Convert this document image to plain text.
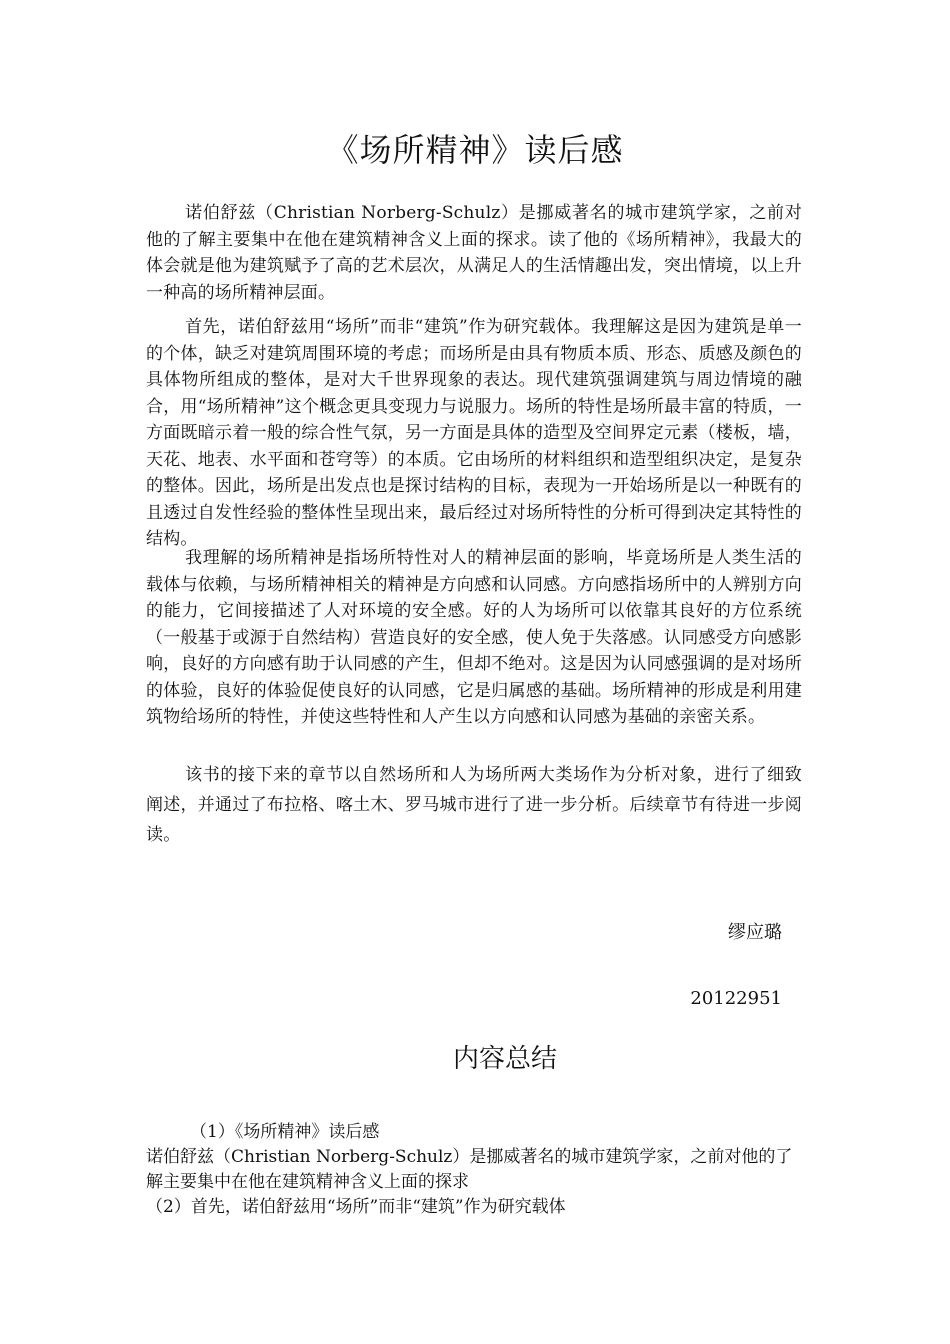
《场所精神》读后感

诺伯舒兹（Christian Norberg-Schulz）是挪威著名的城市建筑学家，之前对他的了解主要集中在他在建筑精神含义上面的探求。读了他的《场所精神》，我最大的体会就是他为建筑赋予了高的艺术层次，从满足人的生活情趣出发，突出情境，以上升一种高的场所精神层面。

首先，诺伯舒兹用“场所”而非“建筑”作为研究载体。我理解这是因为建筑是单一的个体，缺乏对建筑周围环境的考虑；而场所是由具有物质本质、形态、质感及颜色的具体物所组成的整体，是对大千世界现象的表达。现代建筑强调建筑与周边情境的融合，用“场所精神”这个概念更具变现力与说服力。场所的特性是场所最丰富的特质，一方面既暗示着一般的综合性气氛，另一方面是具体的造型及空间界定元素（楼板，墙，天花、地表、水平面和苍穹等）的本质。它由场所的材料组织和造型组织决定，是复杂的整体。因此，场所是出发点也是探讨结构的目标，表现为一开始场所是以一种既有的且透过自发性经验的整体性呈现出来，最后经过对场所特性的分析可得到决定其特性的结构。

我理解的场所精神是指场所特性对人的精神层面的影响，毕竟场所是人类生活的载体与依赖，与场所精神相关的精神是方向感和认同感。方向感指场所中的人辨别方向的能力，它间接描述了人对环境的安全感。好的人为场所可以依靠其良好的方位系统（一般基于或源于自然结构）营造良好的安全感，使人免于失落感。认同感受方向感影响，良好的方向感有助于认同感的产生，但却不绝对。这是因为认同感强调的是对场所的体验，良好的体验促使良好的认同感，它是归属感的基础。场所精神的形成是利用建筑物给场所的特性，并使这些特性和人产生以方向感和认同感为基础的亲密关系。

该书的接下来的章节以自然场所和人为场所两大类场作为分析对象，进行了细致阐述，并通过了布拉格、喀土木、罗马城市进行了进一步分析。后续章节有待进一步阅读。

缪应璐
20122951
内容总结
（1）《场所精神》读后感
诺伯舒兹（Christian Norberg-Schulz）是挪威著名的城市建筑学家，之前对他的了解主要集中在他在建筑精神含义上面的探求
（2）首先，诺伯舒兹用“场所”而非“建筑”作为研究载体
